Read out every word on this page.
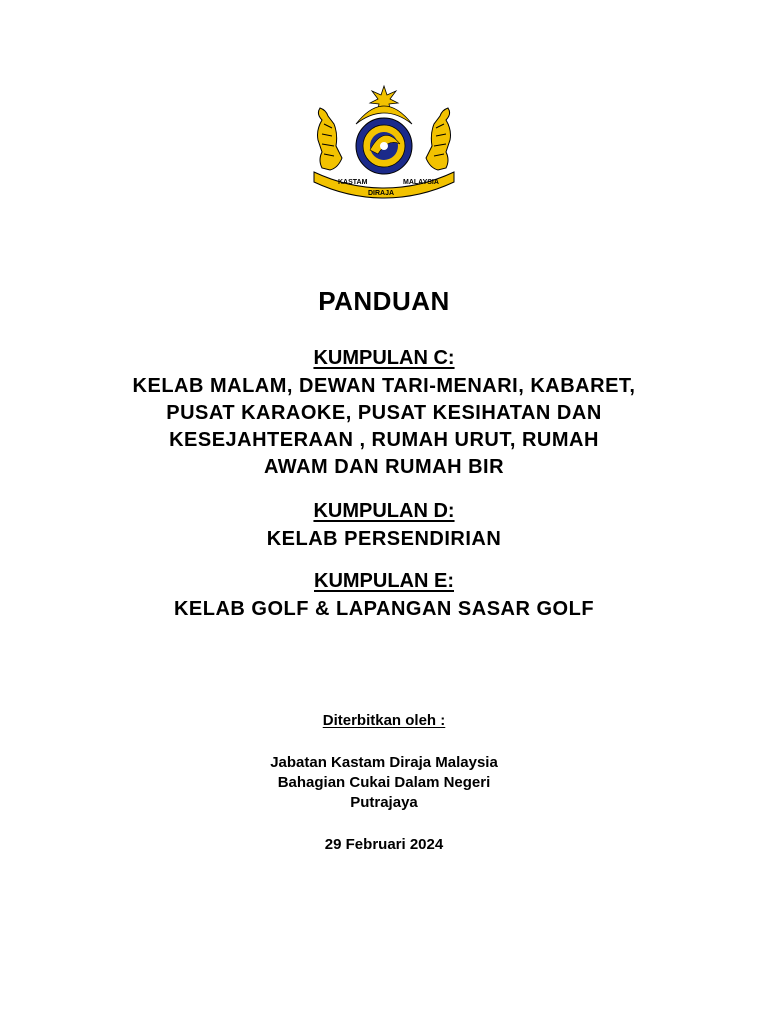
KASTAM
DIRAJA
MALAYSIA
PANDUAN
KUMPULAN C:
KELAB MALAM, DEWAN TARI-MENARI, KABARET,
PUSAT KARAOKE, PUSAT KESIHATAN DAN
KESEJAHTERAAN , RUMAH URUT, RUMAH
AWAM DAN RUMAH BIR
KUMPULAN D:
KELAB PERSENDIRIAN
KUMPULAN E:
KELAB GOLF & LAPANGAN SASAR GOLF
Diterbitkan oleh :
Jabatan Kastam Diraja Malaysia
Bahagian Cukai Dalam Negeri
Putrajaya
29 Februari 2024
